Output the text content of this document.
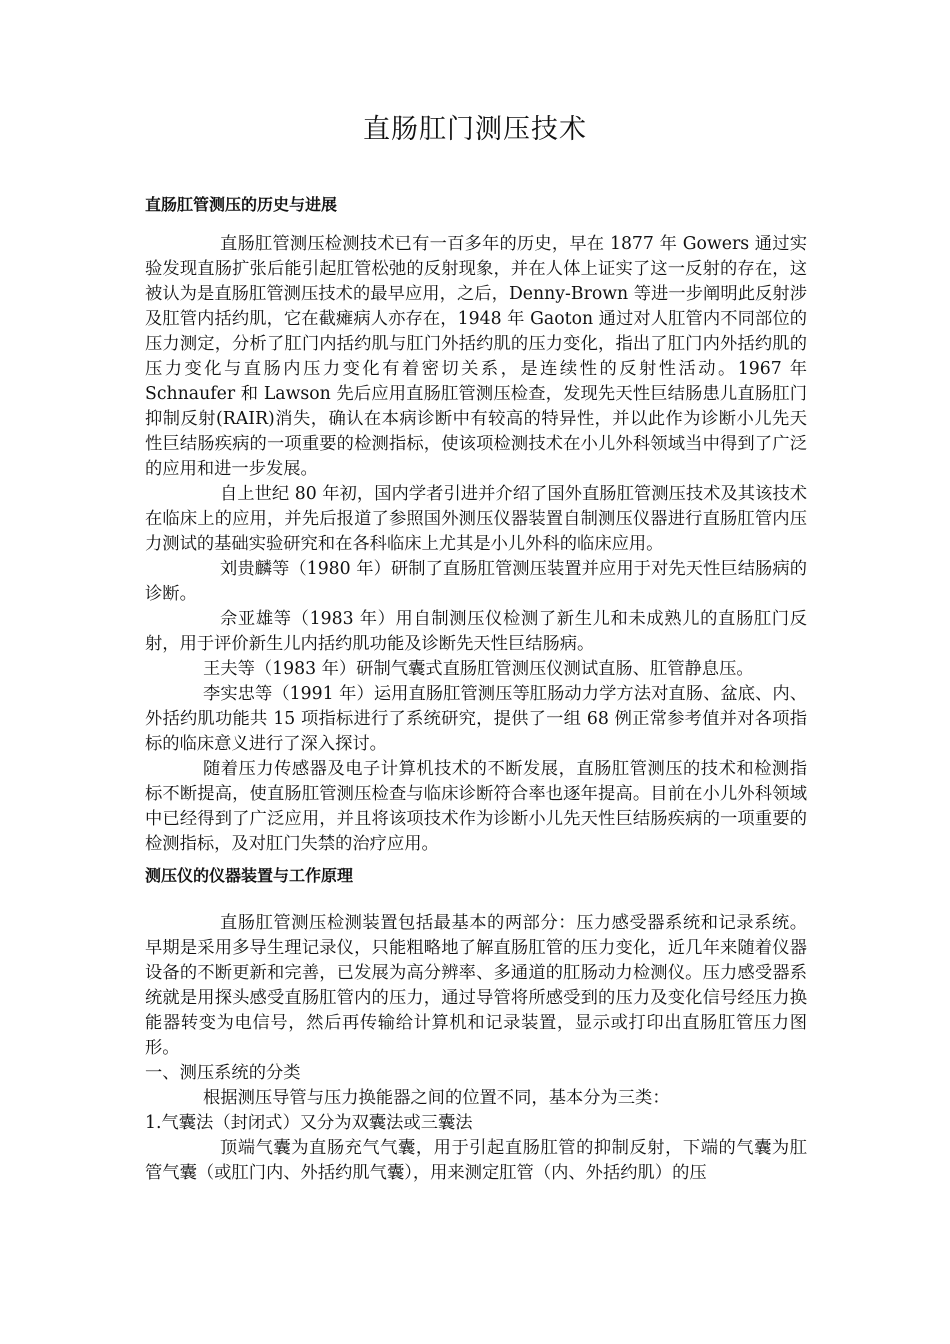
直肠肛门测压技术
直肠肛管测压的历史与进展

直肠肛管测压检测技术已有一百多年的历史，早在 1877 年 Gowers 通过实验发现直肠扩张后能引起肛管松弛的反射现象，并在人体上证实了这一反射的存在，这被认为是直肠肛管测压技术的最早应用，之后，Denny-Brown 等进一步阐明此反射涉及肛管内括约肌，它在截瘫病人亦存在，1948 年 Gaoton 通过对人肛管内不同部位的压力测定，分析了肛门内括约肌与肛门外括约肌的压力变化，指出了肛门内外括约肌的压力变化与直肠内压力变化有着密切关系，是连续性的反射性活动。1967 年 Schnaufer 和 Lawson 先后应用直肠肛管测压检查，发现先天性巨结肠患儿直肠肛门抑制反射(RAIR)消失，确认在本病诊断中有较高的特异性，并以此作为诊断小儿先天性巨结肠疾病的一项重要的检测指标，使该项检测技术在小儿外科领域当中得到了广泛的应用和进一步发展。

自上世纪 80 年初，国内学者引进并介绍了国外直肠肛管测压技术及其该技术在临床上的应用，并先后报道了参照国外测压仪器装置自制测压仪器进行直肠肛管内压力测试的基础实验研究和在各科临床上尤其是小儿外科的临床应用。

刘贵麟等（1980 年）研制了直肠肛管测压装置并应用于对先天性巨结肠病的诊断。

佘亚雄等（1983 年）用自制测压仪检测了新生儿和未成熟儿的直肠肛门反射，用于评价新生儿内括约肌功能及诊断先天性巨结肠病。

王夫等（1983 年）研制气囊式直肠肛管测压仪测试直肠、肛管静息压。

李实忠等（1991 年）运用直肠肛管测压等肛肠动力学方法对直肠、盆底、内、外括约肌功能共 15 项指标进行了系统研究，提供了一组 68 例正常参考值并对各项指标的临床意义进行了深入探讨。

随着压力传感器及电子计算机技术的不断发展，直肠肛管测压的技术和检测指标不断提高，使直肠肛管测压检查与临床诊断符合率也逐年提高。目前在小儿外科领域中已经得到了广泛应用，并且将该项技术作为诊断小儿先天性巨结肠疾病的一项重要的检测指标，及对肛门失禁的治疗应用。

测压仪的仪器装置与工作原理

直肠肛管测压检测装置包括最基本的两部分：压力感受器系统和记录系统。早期是采用多导生理记录仪，只能粗略地了解直肠肛管的压力变化，近几年来随着仪器设备的不断更新和完善，已发展为高分辨率、多通道的肛肠动力检测仪。压力感受器系统就是用探头感受直肠肛管内的压力，通过导管将所感受到的压力及变化信号经压力换能器转变为电信号，然后再传输给计算机和记录装置，显示或打印出直肠肛管压力图形。

一、测压系统的分类

根据测压导管与压力换能器之间的位置不同，基本分为三类：

1.气囊法（封闭式）又分为双囊法或三囊法

顶端气囊为直肠充气气囊，用于引起直肠肛管的抑制反射，下端的气囊为肛管气囊（或肛门内、外括约肌气囊），用来测定肛管（内、外括约肌）的压
